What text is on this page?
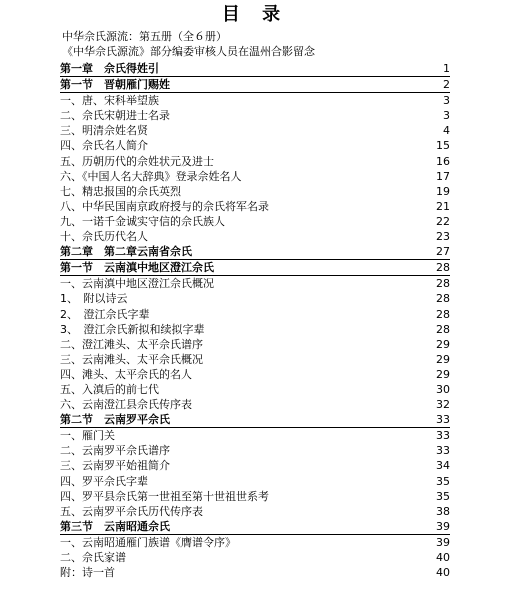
目 录
中华佘氏源流：第五册（全６册）
《中华佘氏源流》部分编委审核人员在温州合影留念
第一章　佘氏得姓引	1
第一节　晋朝雁门赐姓	2
一、唐、宋科举望族	3
二、佘氏宋朝进士名录	3
三、明清佘姓名贤	4
四、佘氏名人简介	15
五、历朝历代的佘姓状元及进士	16
六、《中国人名大辞典》登录佘姓名人	17
七、精忠报国的佘氏英烈	19
八、中华民国南京政府授与的佘氏将军名录	21
九、一诺千金诚实守信的佘氏族人	22
十、佘氏历代名人	23
第二章　第二章云南省佘氏	27
第一节　云南滇中地区澄江佘氏	28
一、云南滇中地区澄江佘氏概况	28
1、　附以诗云	28
2、　澄江佘氏字辈	28
3、　澄江佘氏新拟和续拟字辈	28
二、澄江滩头、太平佘氏谱序	29
三、云南滩头、太平佘氏概况	29
四、滩头、太平佘氏的名人	29
五、入滇后的前七代	30
六、云南澄江县佘氏传序表	32
第二节　云南罗平佘氏	33
一、雁门关	33
二、云南罗平佘氏谱序	33
三、云南罗平始祖简介	34
四、罗平佘氏字辈	35
四、罗平县佘氏第一世祖至第十世祖世系考	35
五、云南罗平佘氏历代传序表	38
第三节　云南昭通佘氏	39
一、云南昭通雁门族谱《膺谱令序》	39
二、佘氏家谱	40
附：诗一首	40
